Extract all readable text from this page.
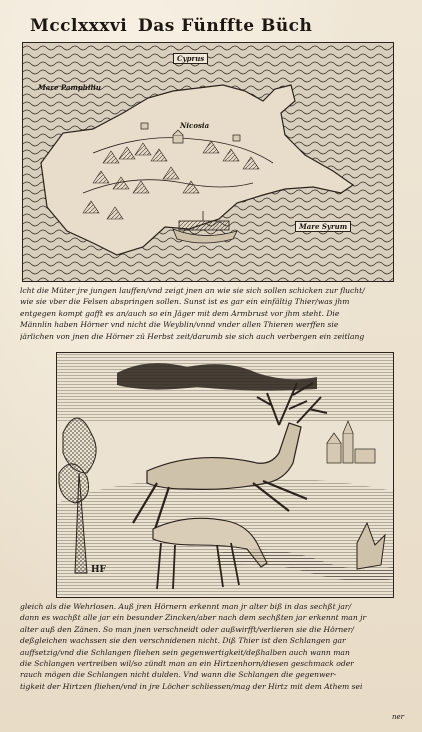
Mcclxxxvi Das Fünffte Büch
Cyprus
Mare Pamphiliu
Nicosia
Mare Syrum
lcht die Müter jre jungen lauffen/vnd zeigt jnen an wie sie sich sollen schicken zur flucht/
wie sie vber die Felsen abspringen sollen. Sunst ist es gar ein einfältig Thier/was jhm
entgegen kompt gafft es an/auch so ein Jäger mit dem Armbrust vor jhm steht. Die
Männlin haben Hörner vnd nicht die Weyblin/vnnd vnder allen Thieren werffen sie
järlichen von jnen die Hörner zü Herbst zeit/darumb sie sich auch verbergen ein zeitlang
HF
gleich als die Wehrlosen. Auß jren Hörnern erkennt man jr alter biß in das sechßt jar/
dann es wachßt alle jar ein besunder Zincken/aber nach dem sechßten jar erkennt man jr
alter auß den Zänen. So man jnen verschneidt oder außwirfft/verlieren sie die Hörner/
deßgleichen wachssen sie den verschnidenen nicht. Diß Thier ist den Schlangen gar
auffsetzig/vnd die Schlangen fliehen sein gegenwertigkeit/deßhalben auch wann man
die Schlangen vertreiben wil/so zündt man an ein Hirtzenhorn/diesen geschmack oder
rauch mögen die Schlangen nicht dulden. Vnd wann die Schlangen die gegenwer-
tigkeit der Hirtzen fliehen/vnd in jre Löcher schliessen/mag der Hirtz mit dem Athem sei
ner
